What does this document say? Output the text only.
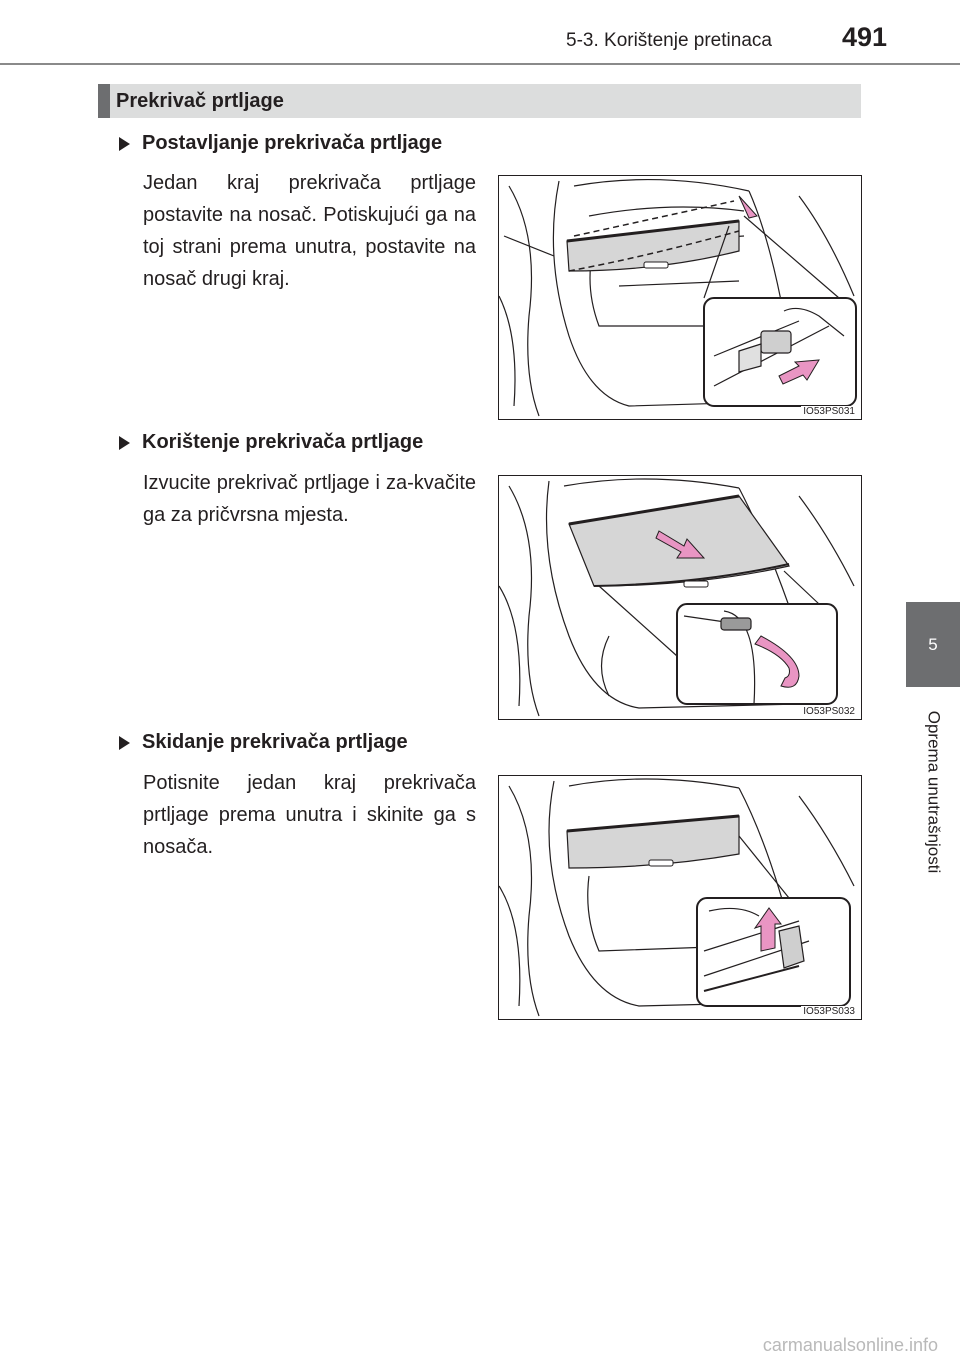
5-3. Korištenje pretinaca	491
5
Oprema unutrašnjosti
Prekrivač prtljage
Postavljanje prekrivača prtljage
Jedan kraj prekrivača prtljage postavite na nosač. Potiskujući ga na toj strani prema unutra, postavite na nosač drugi kraj.
IO53PS031
Korištenje prekrivača prtljage
Izvucite prekrivač prtljage i za-kvačite ga za pričvrsna mjesta.
IO53PS032
Skidanje prekrivača prtljage
Potisnite jedan kraj prekrivača prtljage prema unutra i skinite ga s nosača.
IO53PS033
carmanualsonline.info
